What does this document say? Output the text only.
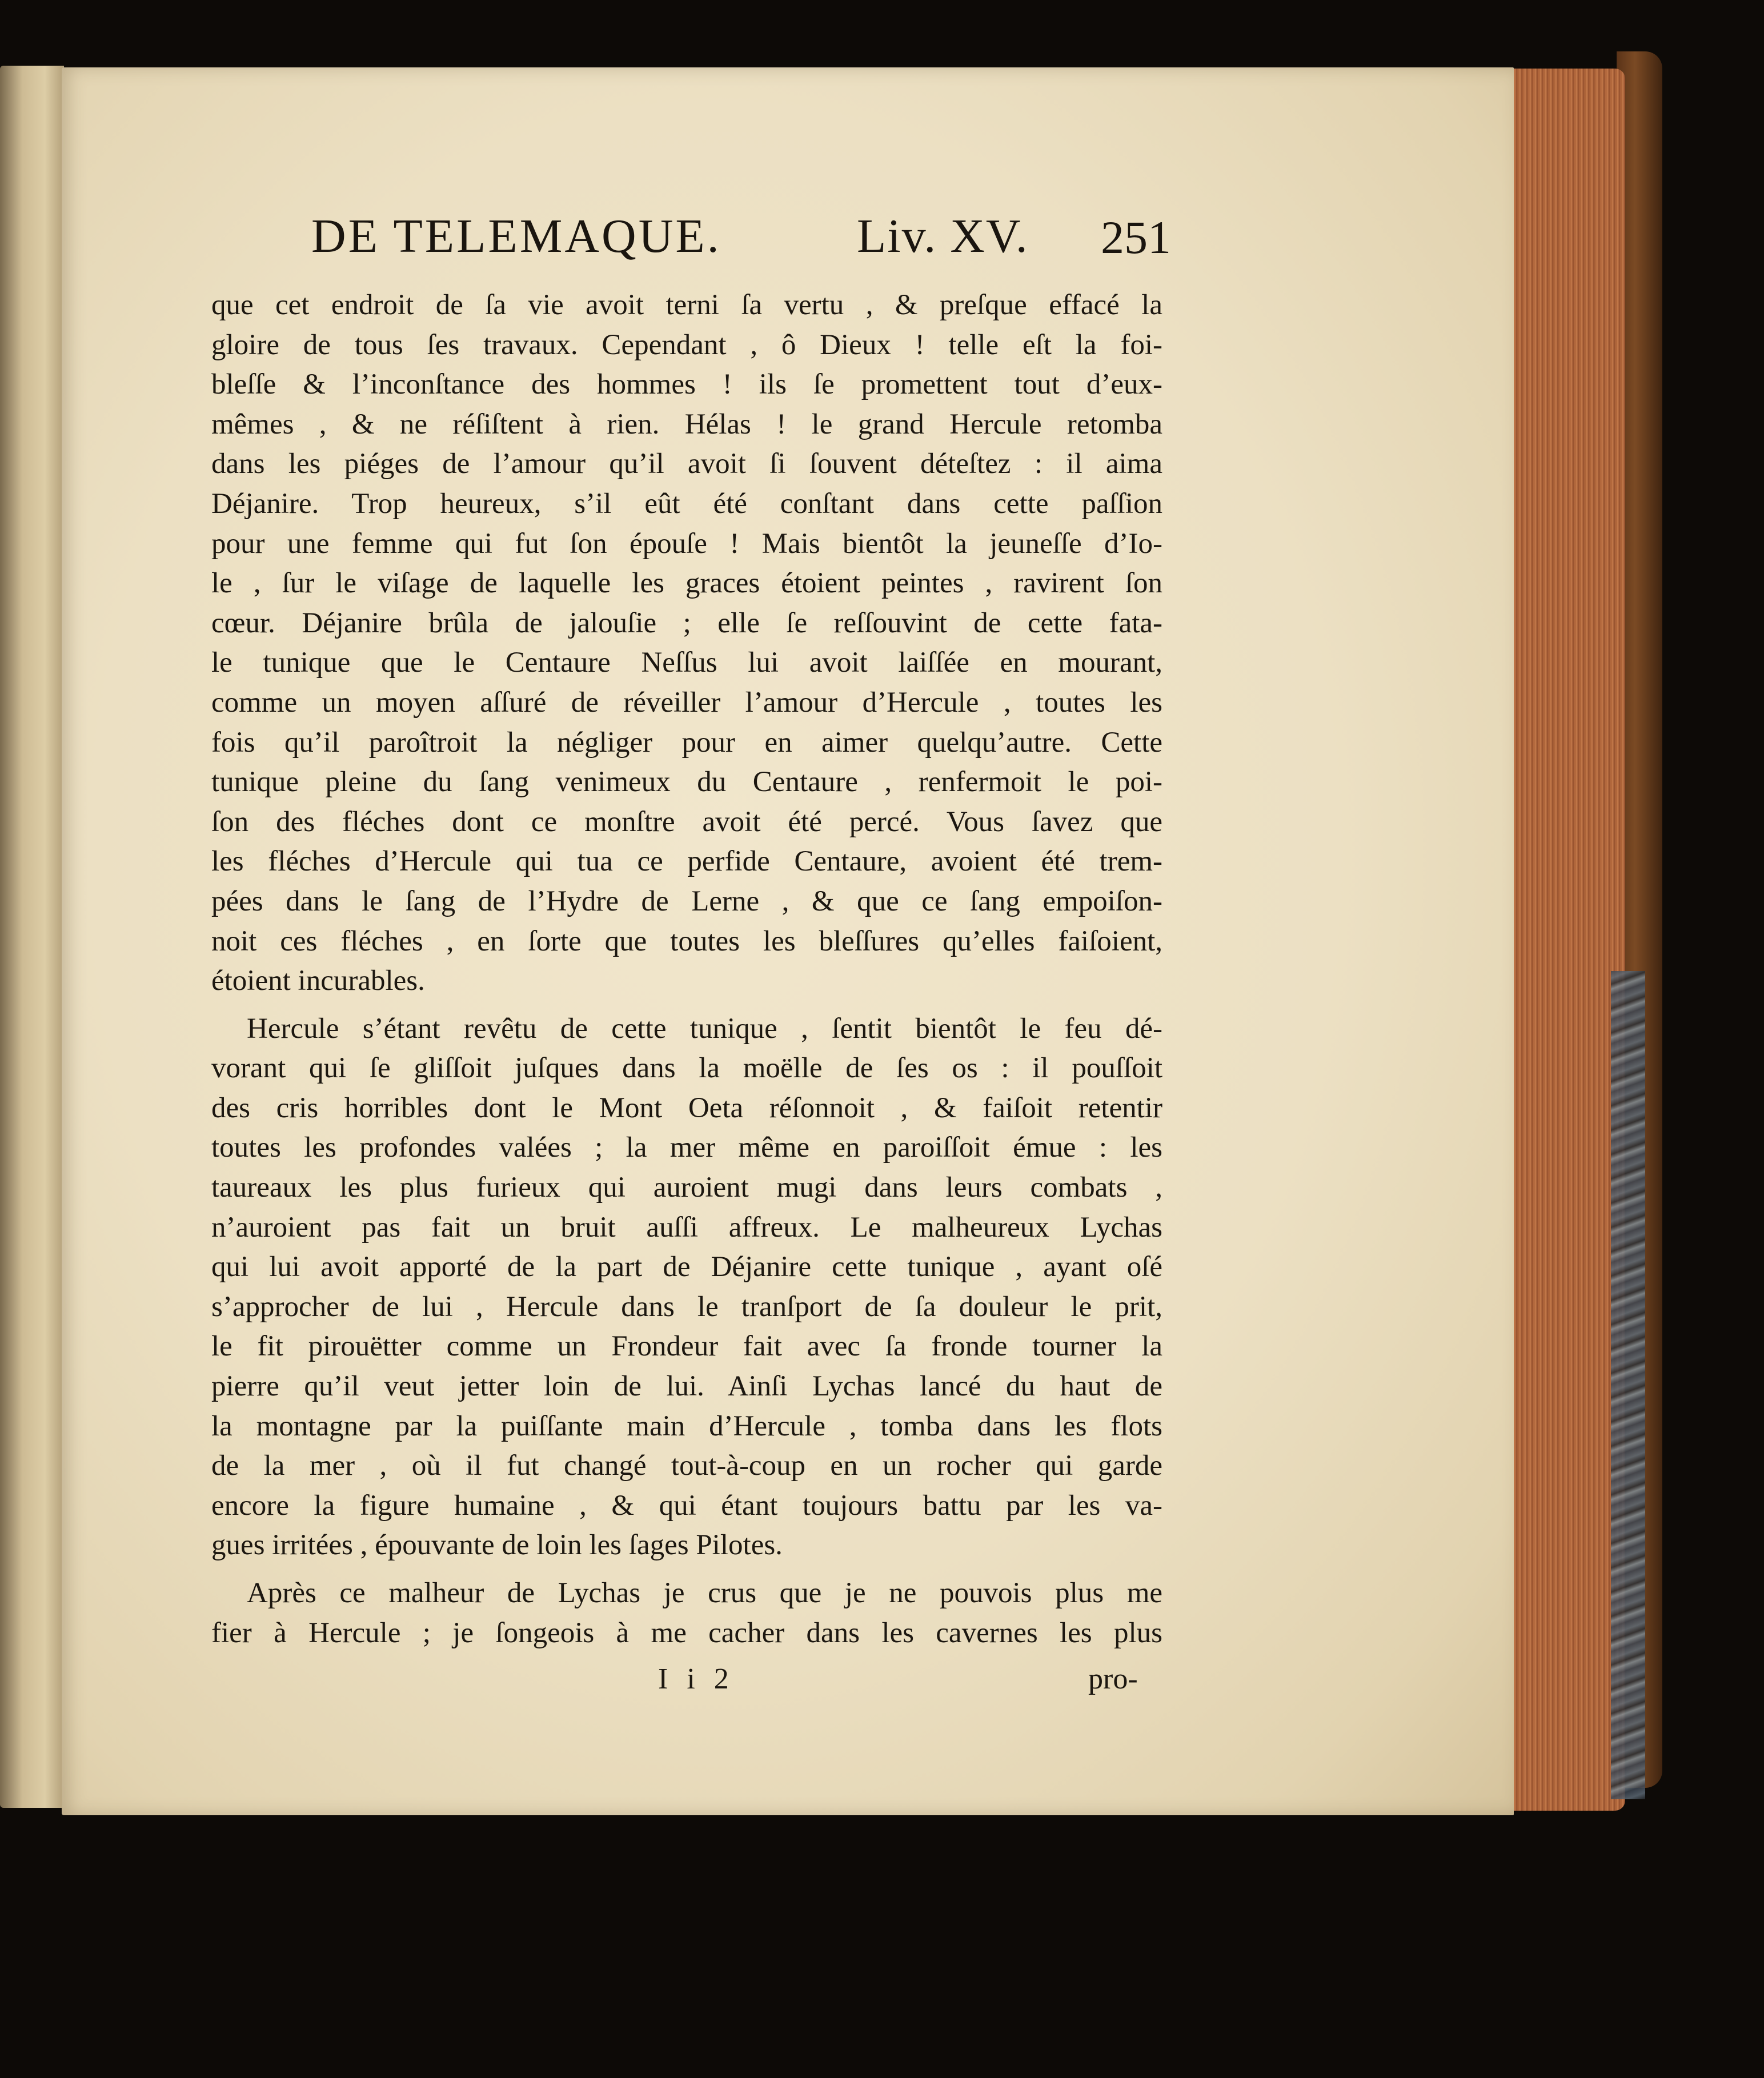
DE TELEMAQUE.	Liv. XV. 251
que cet endroit de ſa vie avoit terni ſa vertu , & preſque effacé la
gloire de tous ſes travaux. Cependant , ô Dieux ! telle eſt la foi-
bleſſe & l’inconſtance des hommes ! ils ſe promettent tout d’eux-
mêmes , & ne réſiſtent à rien. Hélas ! le grand Hercule retomba
dans les piéges de l’amour qu’il avoit ſi ſouvent déteſtez : il aima
Déjanire. Trop heureux, s’il eût été conſtant dans cette paſſion
pour une femme qui fut ſon épouſe ! Mais bientôt la jeuneſſe d’Io-
le , ſur le viſage de laquelle les graces étoient peintes , ravirent ſon
cœur. Déjanire brûla de jalouſie ; elle ſe reſſouvint de cette fata-
le tunique que le Centaure Neſſus lui avoit laiſſée en mourant,
comme un moyen aſſuré de réveiller l’amour d’Hercule , toutes les
fois qu’il paroîtroit la négliger pour en aimer quelqu’autre. Cette
tunique pleine du ſang venimeux du Centaure , renfermoit le poi-
ſon des fléches dont ce monſtre avoit été percé. Vous ſavez que
les fléches d’Hercule qui tua ce perfide Centaure, avoient été trem-
pées dans le ſang de l’Hydre de Lerne , & que ce ſang empoiſon-
noit ces fléches , en ſorte que toutes les bleſſures qu’elles faiſoient,
étoient incurables.
Hercule s’étant revêtu de cette tunique , ſentit bientôt le feu dé-
vorant qui ſe gliſſoit juſques dans la moëlle de ſes os : il pouſſoit
des cris horribles dont le Mont Oeta réſonnoit , & faiſoit retentir
toutes les profondes valées ; la mer même en paroiſſoit émue : les
taureaux les plus furieux qui auroient mugi dans leurs combats ,
n’auroient pas fait un bruit auſſi affreux. Le malheureux Lychas
qui lui avoit apporté de la part de Déjanire cette tunique , ayant oſé
s’approcher de lui , Hercule dans le tranſport de ſa douleur le prit,
le fit pirouëtter comme un Frondeur fait avec ſa fronde tourner la
pierre qu’il veut jetter loin de lui. Ainſi Lychas lancé du haut de
la montagne par la puiſſante main d’Hercule , tomba dans les flots
de la mer , où il fut changé tout-à-coup en un rocher qui garde
encore la figure humaine , & qui étant toujours battu par les va-
gues irritées , épouvante de loin les ſages Pilotes.
Après ce malheur de Lychas je crus que je ne pouvois plus me
fier à Hercule ; je ſongeois à me cacher dans les cavernes les plus
I i 2	pro-
